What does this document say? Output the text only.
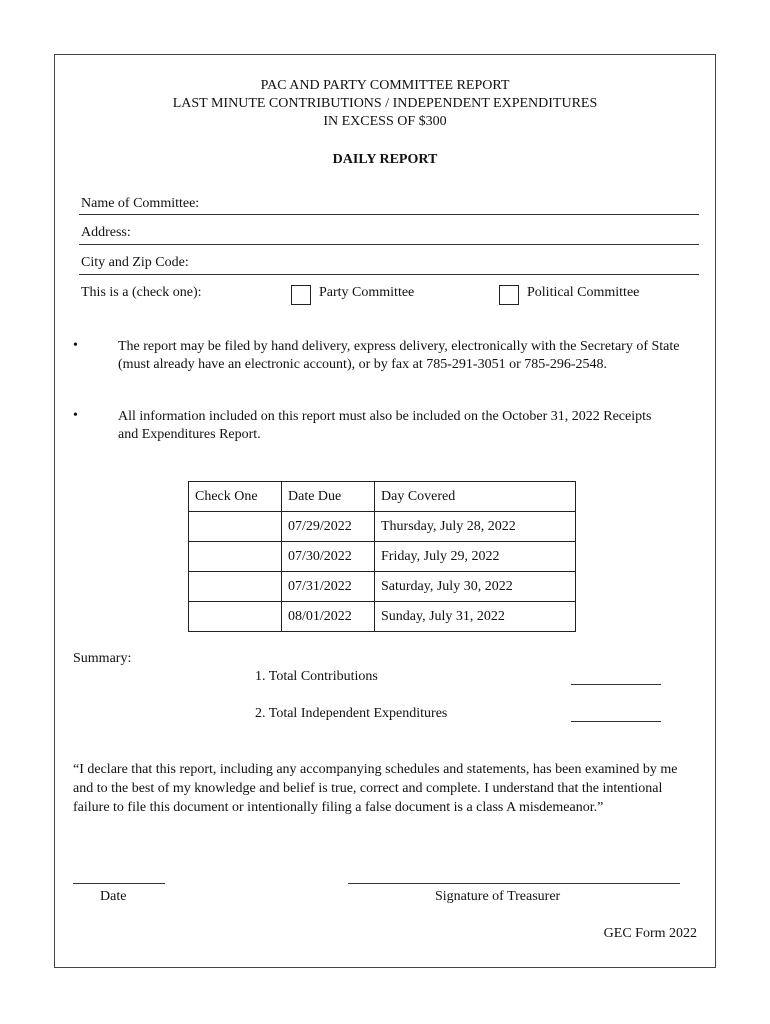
PAC AND PARTY COMMITTEE REPORT
LAST MINUTE CONTRIBUTIONS / INDEPENDENT EXPENDITURES
IN EXCESS OF $300
DAILY REPORT
Name of Committee:
Address:
City and Zip Code:
This is a (check one):	Party Committee	Political Committee
•	The report may be filed by hand delivery, express delivery, electronically with the Secretary of State (must already have an electronic account), or by fax at 785-291-3051 or 785-296-2548.
•	All information included on this report must also be included on the October 31, 2022 Receipts and Expenditures Report.
Check One	Date Due	Day Covered
	07/29/2022	Thursday, July 28, 2022
	07/30/2022	Friday, July 29, 2022
	07/31/2022	Saturday, July 30, 2022
	08/01/2022	Sunday, July 31, 2022
Summary:
1. Total Contributions
2. Total Independent Expenditures
“I declare that this report, including any accompanying schedules and statements, has been examined by me and to the best of my knowledge and belief is true, correct and complete. I understand that the intentional failure to file this document or intentionally filing a false document is a class A misdemeanor.”
Date	Signature of Treasurer
GEC Form 2022
